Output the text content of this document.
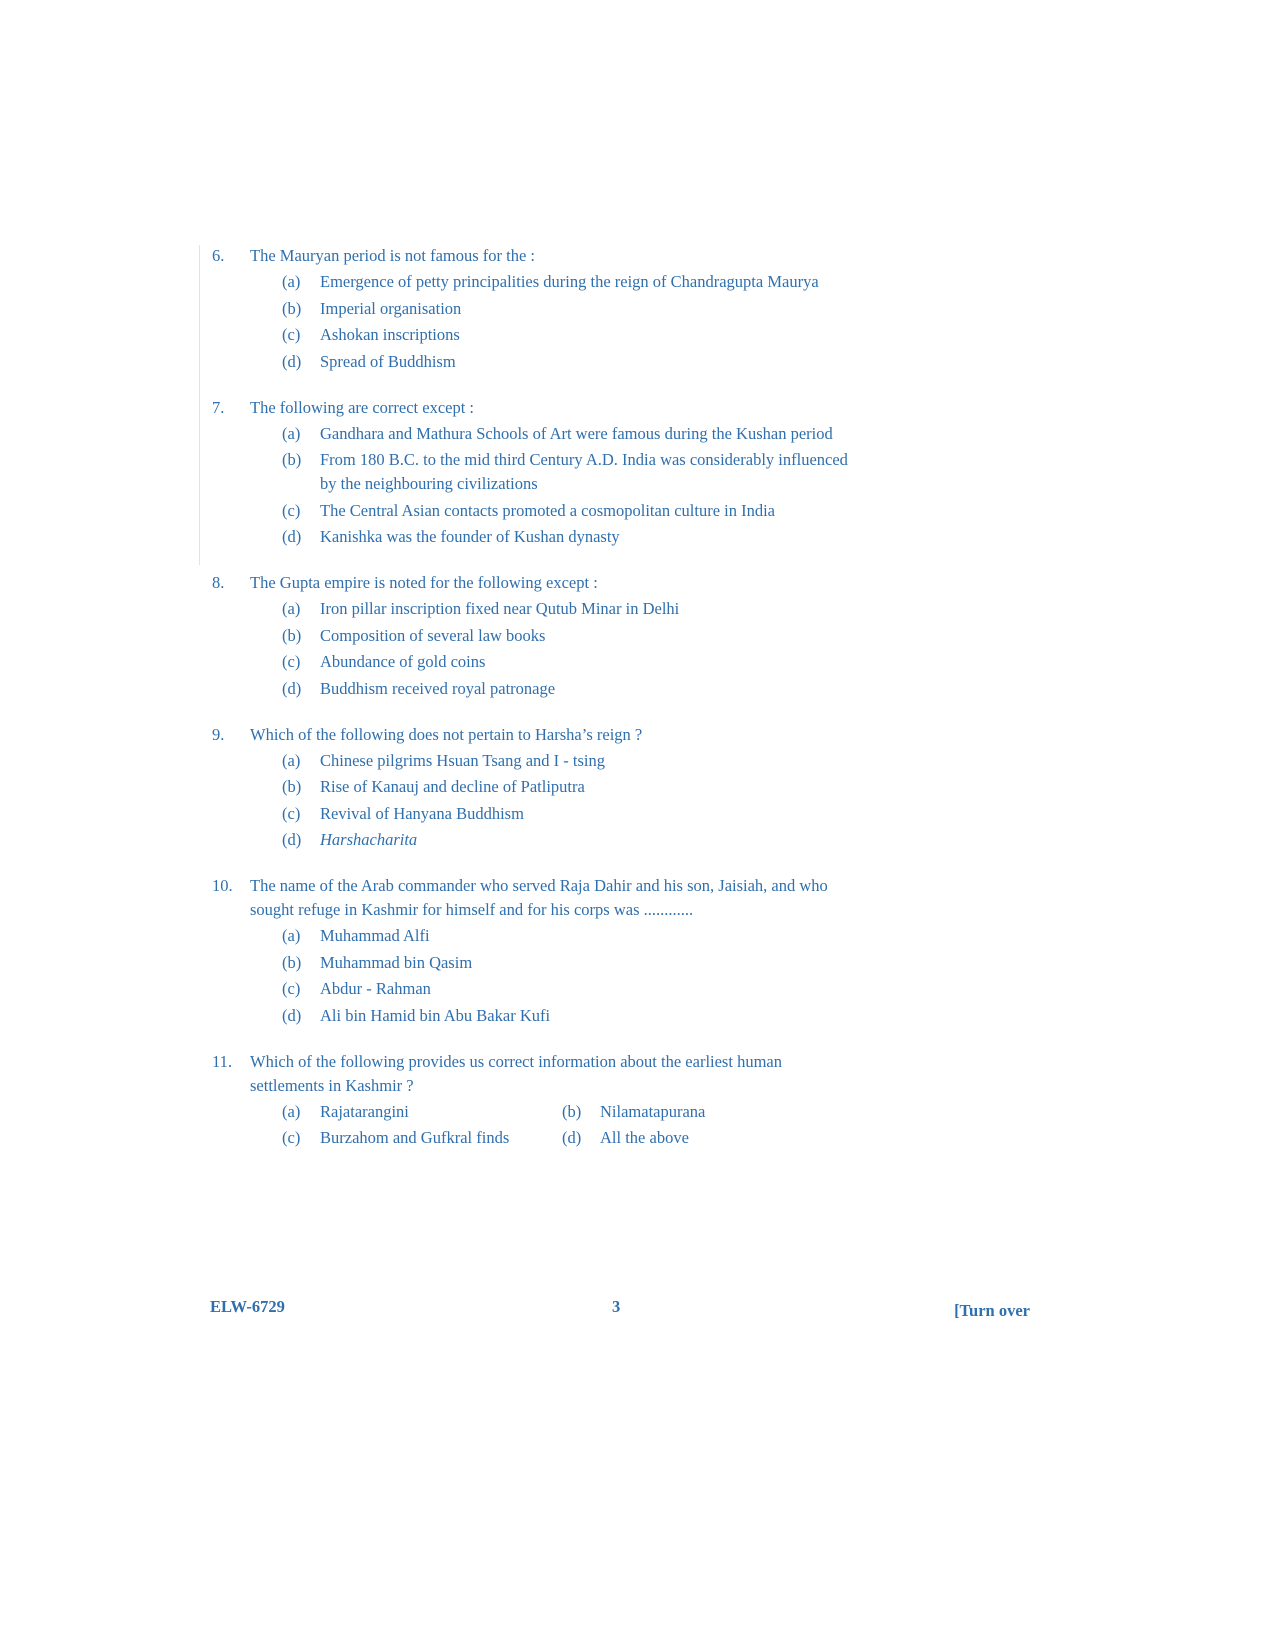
6.	The Mauryan period is not famous for the :
(a)	Emergence of petty principalities during the reign of Chandragupta Maurya
(b)	Imperial organisation
(c)	Ashokan inscriptions
(d)	Spread of Buddhism
7.	The following are correct except :
(a)	Gandhara and Mathura Schools of Art were famous during the Kushan period
(b)	From 180 B.C. to the mid third Century A.D. India was considerably influenced by the neighbouring civilizations
(c)	The Central Asian contacts promoted a cosmopolitan culture in India
(d)	Kanishka was the founder of Kushan dynasty
8.	The Gupta empire is noted for the following except :
(a)	Iron pillar inscription fixed near Qutub Minar in Delhi
(b)	Composition of several law books
(c)	Abundance of gold coins
(d)	Buddhism received royal patronage
9.	Which of the following does not pertain to Harsha’s reign ?
(a)	Chinese pilgrims Hsuan Tsang and I - tsing
(b)	Rise of Kanauj and decline of Patliputra
(c)	Revival of Hanyana Buddhism
(d)	Harshacharita
10.	The name of the Arab commander who served Raja Dahir and his son, Jaisiah, and who sought refuge in Kashmir for himself and for his corps was ............
(a)	Muhammad Alfi
(b)	Muhammad bin Qasim
(c)	Abdur - Rahman
(d)	Ali bin Hamid bin Abu Bakar Kufi
11.	Which of the following provides us correct information about the earliest human settlements in Kashmir ?
(a)	Rajatarangini	(b)	Nilamatapurana
(c)	Burzahom and Gufkral finds	(d)	All the above
ELW-6729	3	[Turn over
